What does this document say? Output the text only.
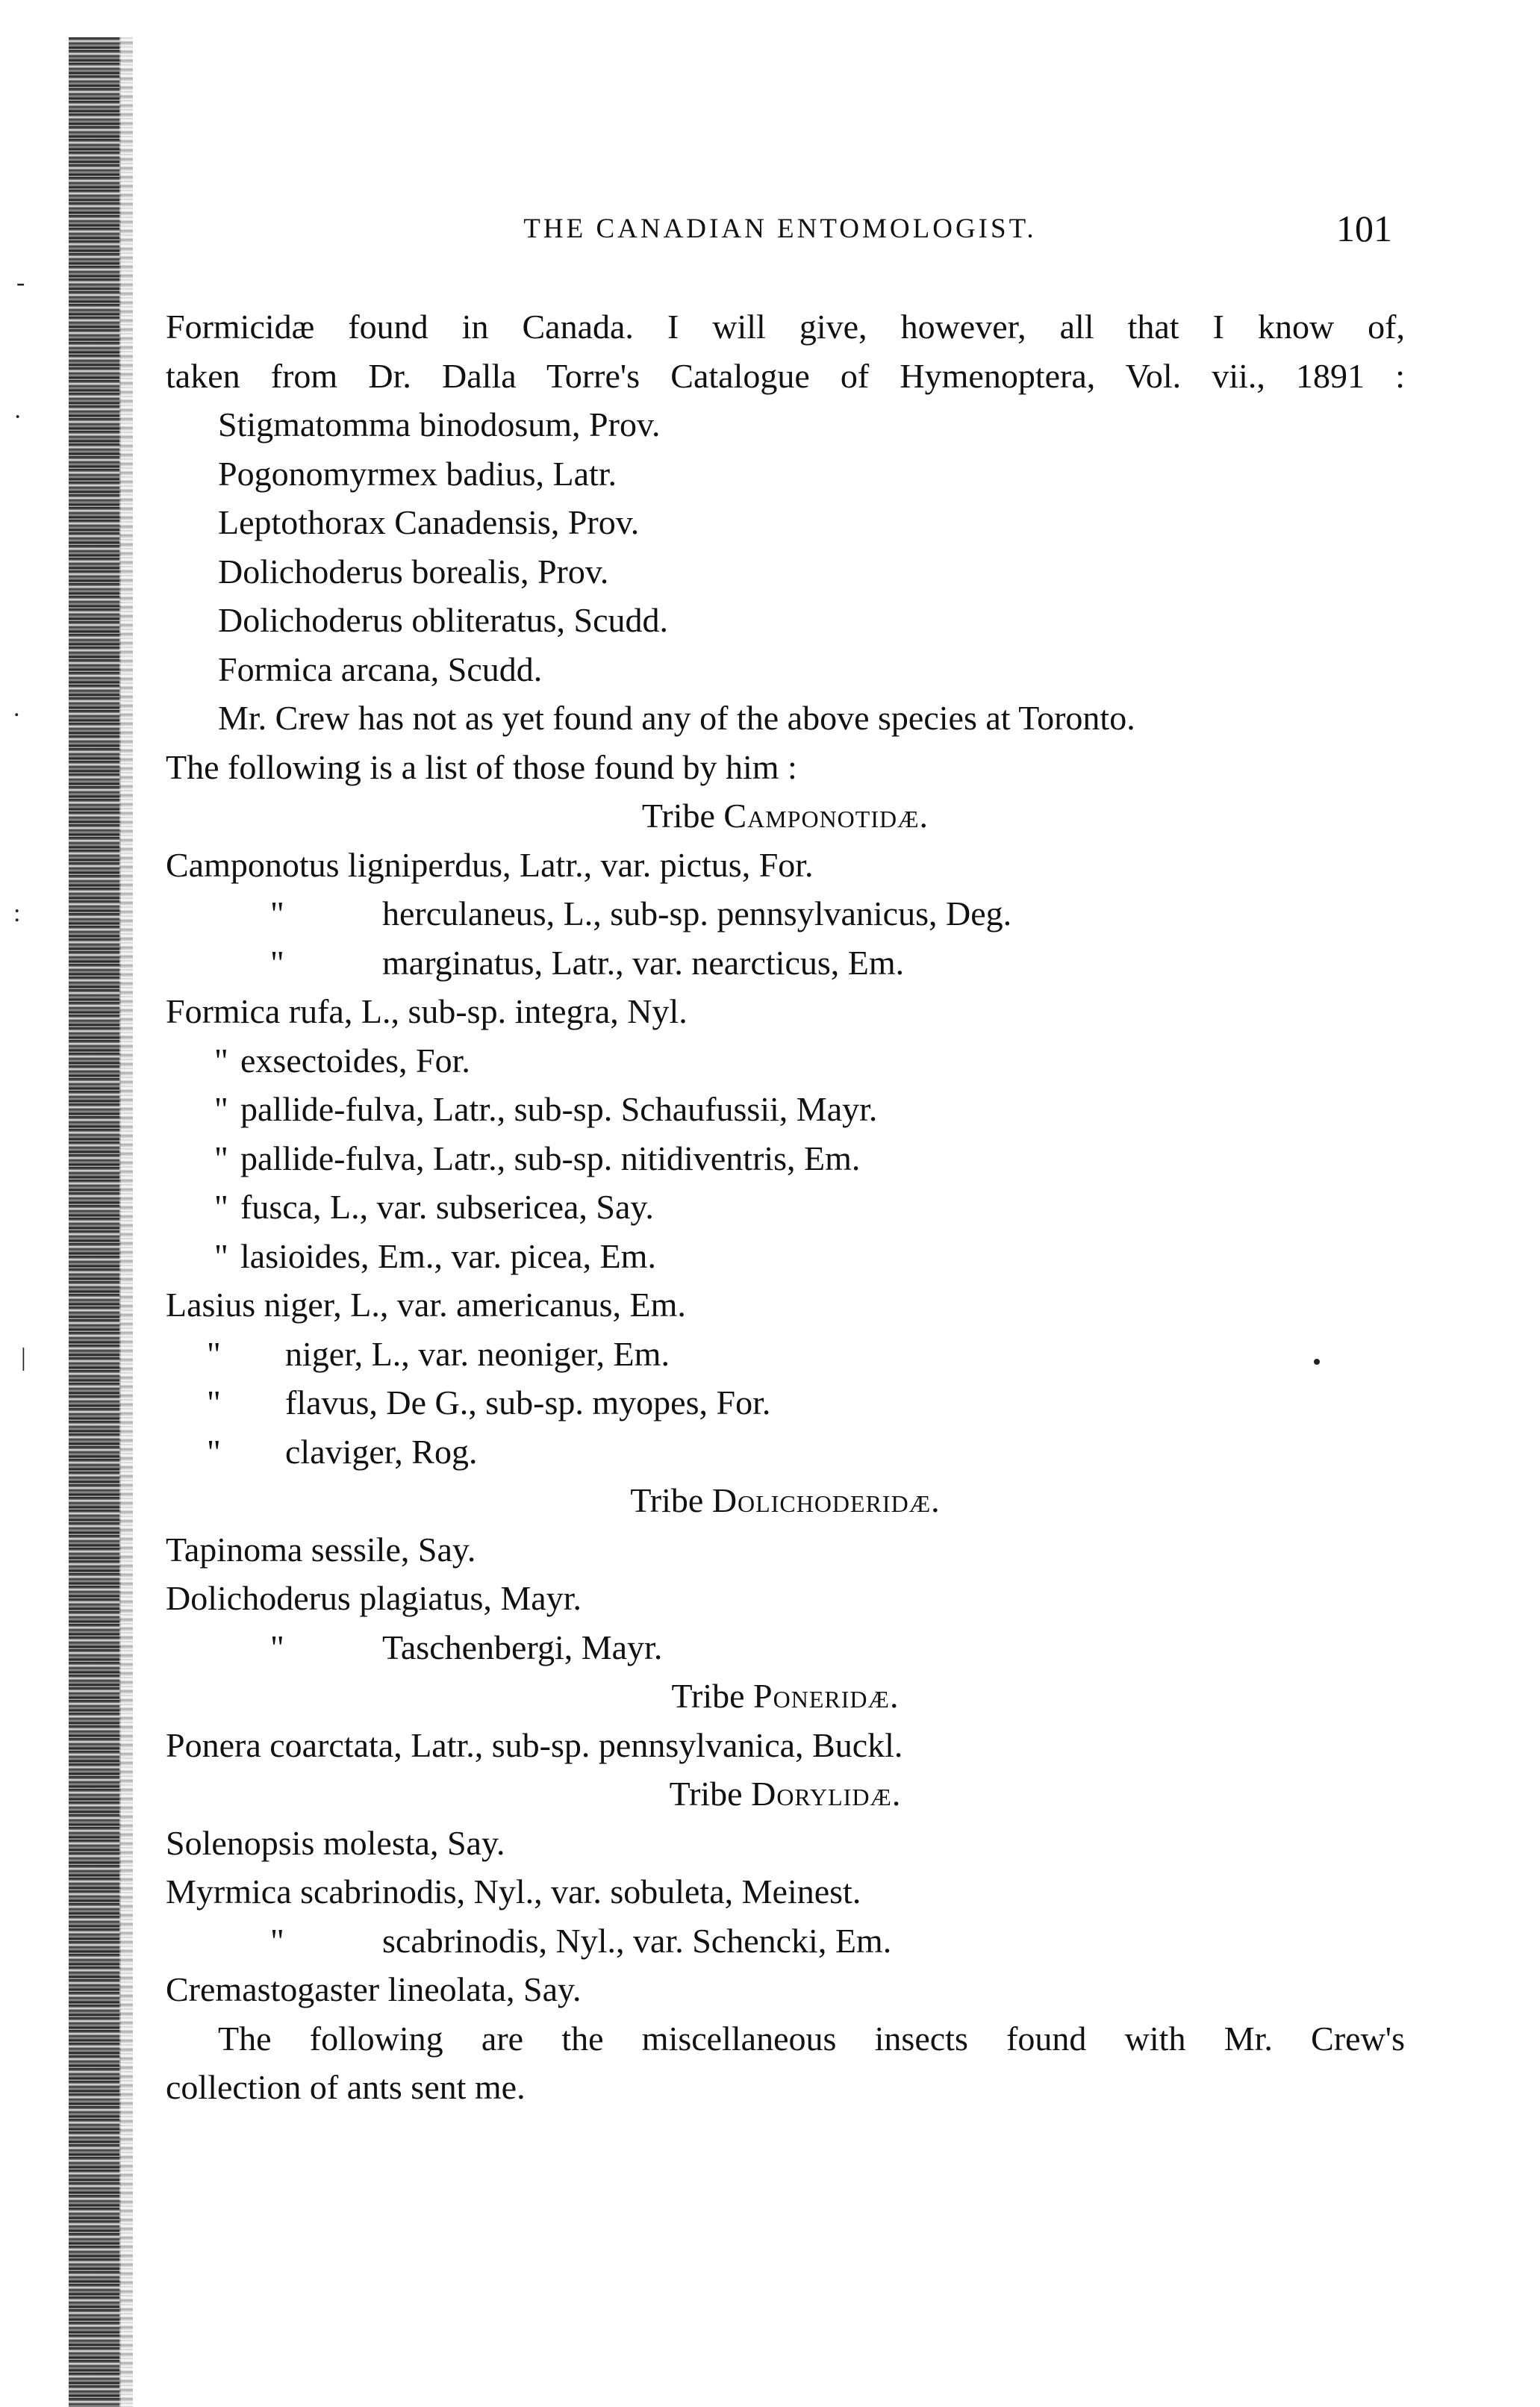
-
·
.
:
|
THE CANADIAN ENTOMOLOGIST.	101
Formicidæ found in Canada. I will give, however, all that I know of,
taken from Dr. Dalla Torre's Catalogue of Hymenoptera, Vol. vii., 1891 :
Stigmatomma binodosum, Prov.
Pogonomyrmex badius, Latr.
Leptothorax Canadensis, Prov.
Dolichoderus borealis, Prov.
Dolichoderus obliteratus, Scudd.
Formica arcana, Scudd.
Mr. Crew has not as yet found any of the above species at Toronto.
The following is a list of those found by him :
Tribe Camponotidæ.
Camponotus ligniperdus, Latr., var. pictus, For.
"	herculaneus, L., sub-sp. pennsylvanicus, Deg.
"	marginatus, Latr., var. nearcticus, Em.
Formica rufa, L., sub-sp. integra, Nyl.
" exsectoides, For.
" pallide-fulva, Latr., sub-sp. Schaufussii, Mayr.
" pallide-fulva, Latr., sub-sp. nitidiventris, Em.
" fusca, L., var. subsericea, Say.
" lasioides, Em., var. picea, Em.
Lasius niger, L., var. americanus, Em.
"	niger, L., var. neoniger, Em.
"	flavus, De G., sub-sp. myopes, For.
"	claviger, Rog.
Tribe Dolichoderidæ.
Tapinoma sessile, Say.
Dolichoderus plagiatus, Mayr.
"	Taschenbergi, Mayr.
Tribe Poneridæ.
Ponera coarctata, Latr., sub-sp. pennsylvanica, Buckl.
Tribe Dorylidæ.
Solenopsis molesta, Say.
Myrmica scabrinodis, Nyl., var. sobuleta, Meinest.
"	scabrinodis, Nyl., var. Schencki, Em.
Cremastogaster lineolata, Say.
The following are the miscellaneous insects found with Mr. Crew's
collection of ants sent me.
